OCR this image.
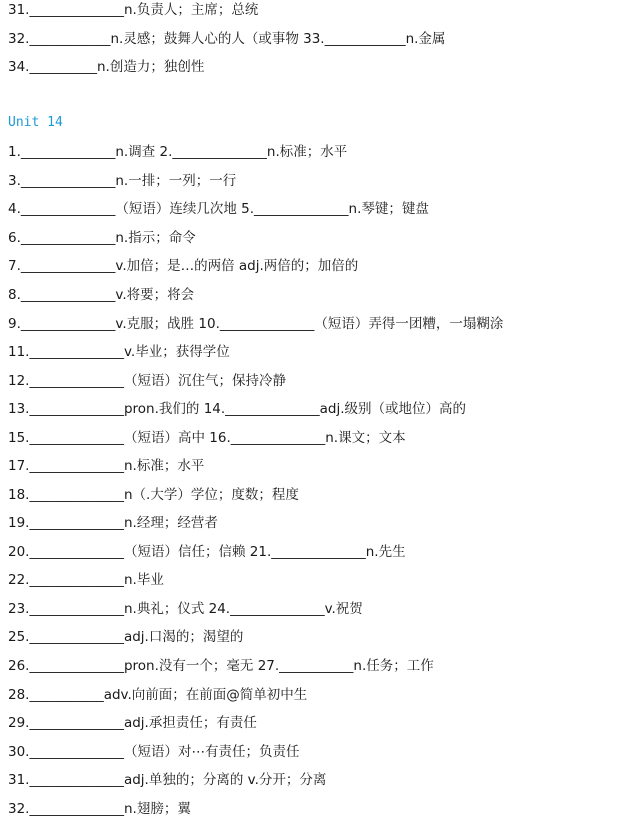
31.______________n.负责人；主席；总统
32.____________n.灵感；鼓舞人心的人（或事物 33.____________n.金属
34.__________n.创造力；独创性
Unit 14
1.______________n.调查 2.______________n.标准；水平
3.______________n.一排；一列；一行
4.______________（短语）连续几次地 5.______________n.琴键；键盘
6.______________n.指示；命令
7.______________v.加倍；是…的两倍 adj.两倍的；加倍的
8.______________v.将要；将会
9.______________v.克服；战胜 10.______________（短语）弄得一团糟，一塌糊涂
11.______________v.毕业；获得学位
12.______________（短语）沉住气；保持冷静
13.______________pron.我们的 14.______________adj.级别（或地位）高的
15.______________（短语）高中 16.______________n.课文；文本
17.______________n.标准；水平
18.______________n（.大学）学位；度数；程度
19.______________n.经理；经营者
20.______________（短语）信任；信赖 21.______________n.先生
22.______________n.毕业
23.______________n.典礼；仪式 24.______________v.祝贺
25.______________adj.口渴的；渴望的
26.______________pron.没有一个；毫无 27.___________n.任务；工作
28.___________adv.向前面；在前面@简单初中生
29.______________adj.承担责任；有责任
30.______________（短语）对⋯有责任；负责任
31.______________adj.单独的；分离的 v.分开；分离
32.______________n.翅膀；翼
